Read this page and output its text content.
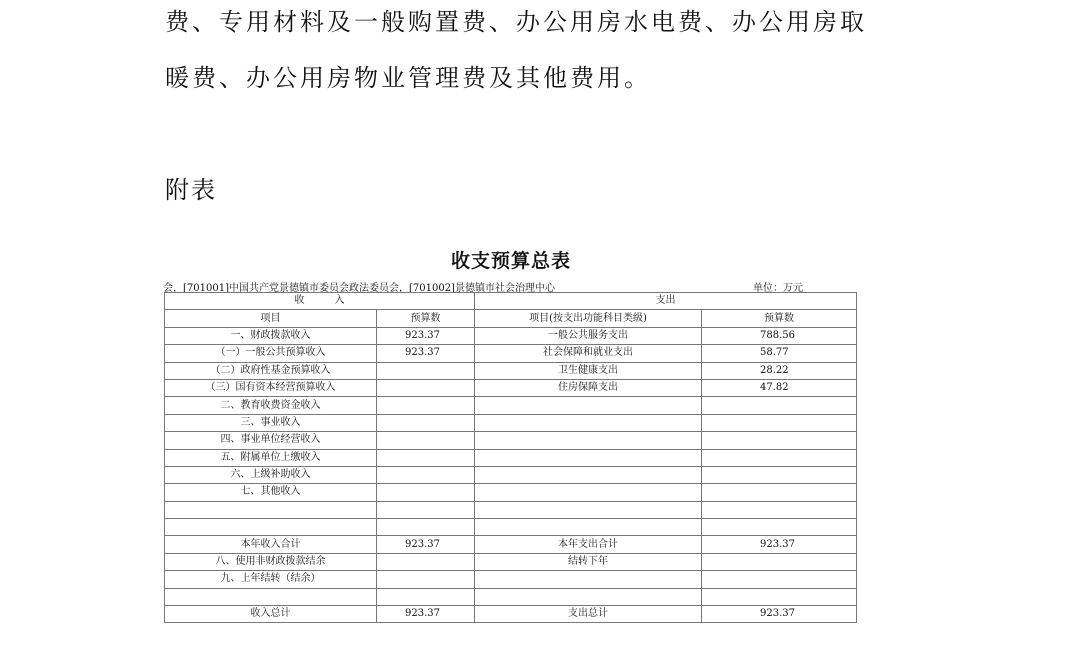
费、专用材料及一般购置费、办公用房水电费、办公用房取
暖费、办公用房物业管理费及其他费用。
附表
收支预算总表
会，[701001]中国共产党景德镇市委员会政法委员会，[701002]景德镇市社会治理中心	单位：万元
收　　　入		支出	
项目	预算数	项目(按支出功能科目类级)	预算数
一、财政拨款收入	923.37	一般公共服务支出	788.56
（一）一般公共预算收入	923.37	社会保障和就业支出	58.77
（二）政府性基金预算收入		卫生健康支出	28.22
（三）国有资本经营预算收入		住房保障支出	47.82
二、教育收费资金收入			
三、事业收入			
四、事业单位经营收入			
五、附属单位上缴收入			
六、上级补助收入			
七、其他收入			

本年收入合计	923.37	本年支出合计	923.37
八、使用非财政拨款结余		结转下年	
九、上年结转（结余）			

收入总计	923.37	支出总计	923.37
